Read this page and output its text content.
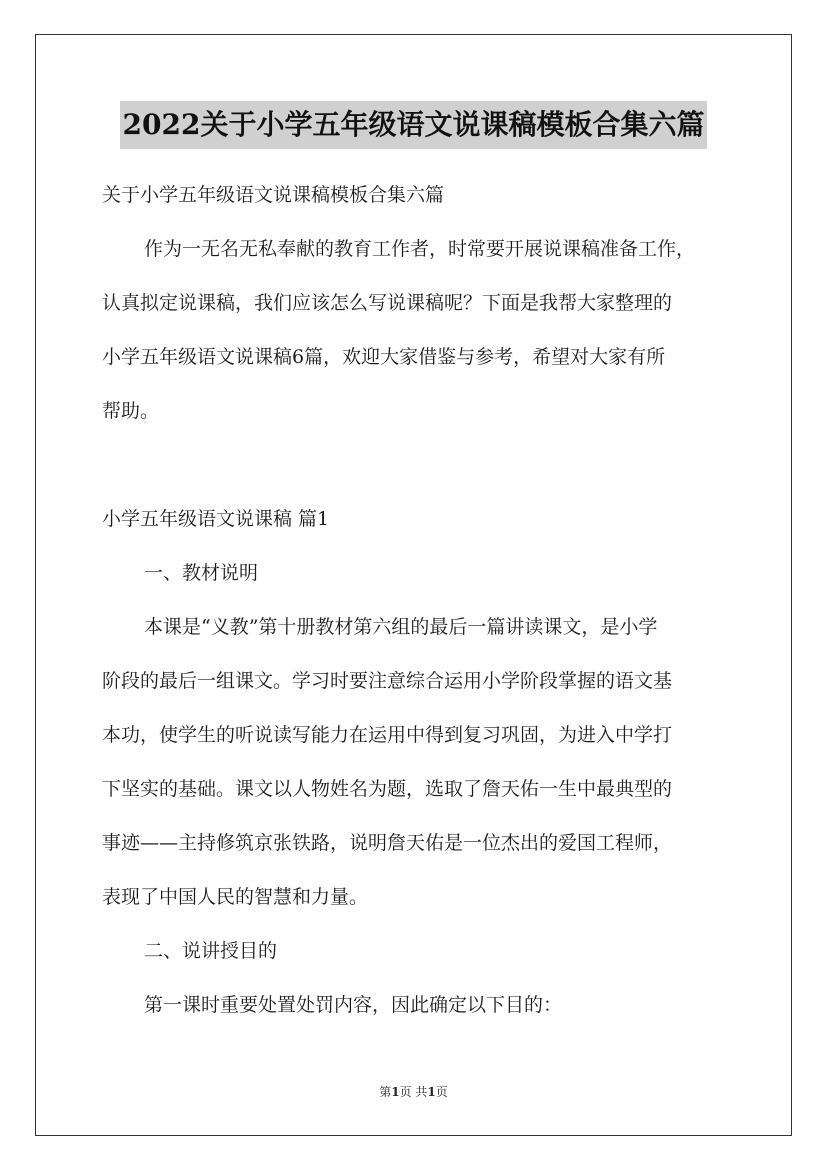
2022关于小学五年级语文说课稿模板合集六篇
关于小学五年级语文说课稿模板合集六篇
作为一无名无私奉献的教育工作者，时常要开展说课稿准备工作，
认真拟定说课稿，我们应该怎么写说课稿呢？下面是我帮大家整理的
小学五年级语文说课稿6篇，欢迎大家借鉴与参考，希望对大家有所
帮助。
小学五年级语文说课稿 篇1
一、教材说明
本课是“义教”第十册教材第六组的最后一篇讲读课文，是小学
阶段的最后一组课文。学习时要注意综合运用小学阶段掌握的语文基
本功，使学生的听说读写能力在运用中得到复习巩固，为进入中学打
下坚实的基础。课文以人物姓名为题，选取了詹天佑一生中最典型的
事迹——主持修筑京张铁路，说明詹天佑是一位杰出的爱国工程师，
表现了中国人民的智慧和力量。
二、说讲授目的
第一课时重要处置处罚内容，因此确定以下目的：
第1页 共1页
